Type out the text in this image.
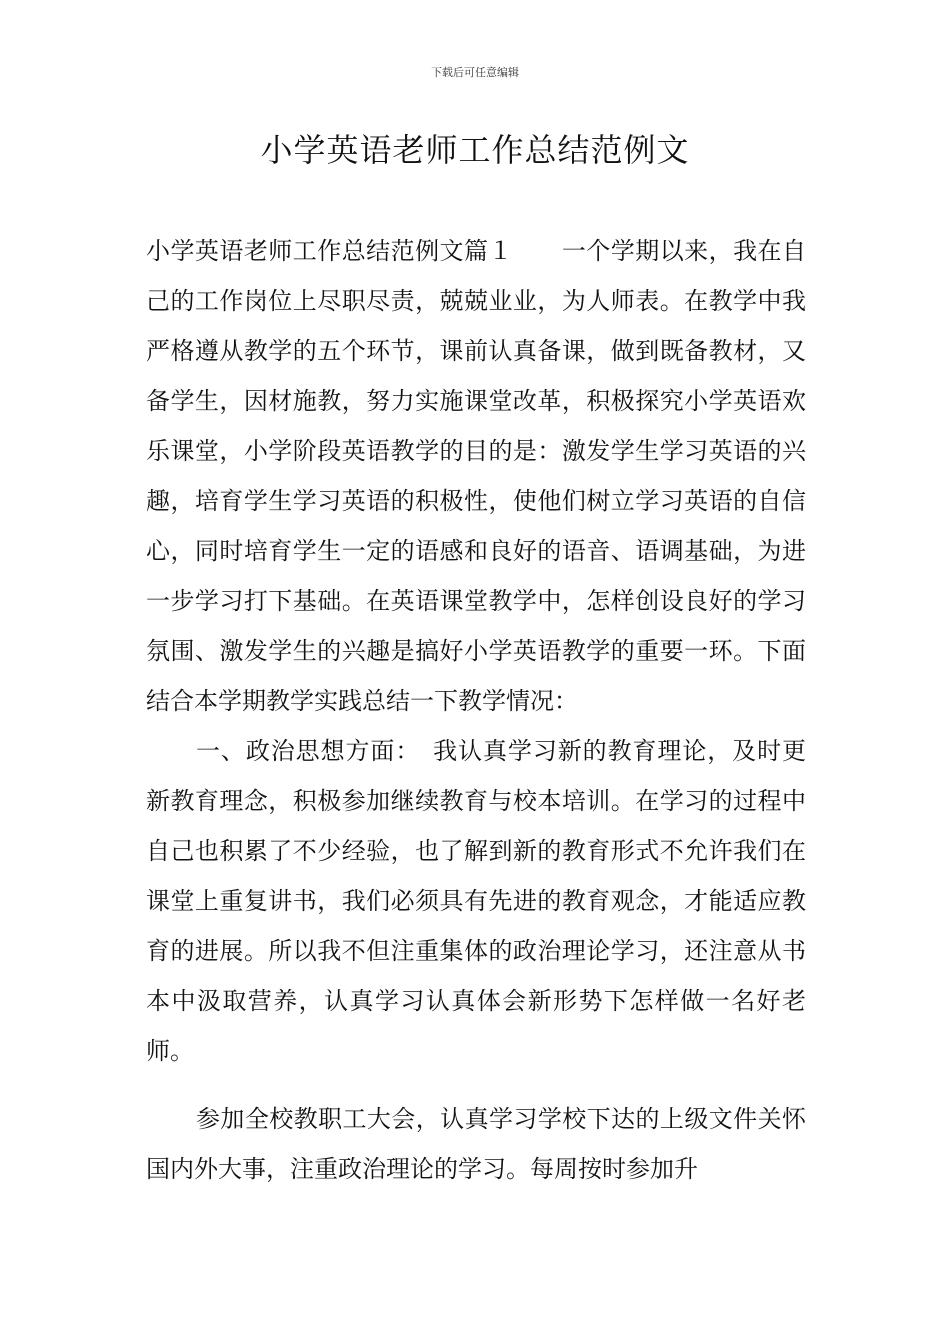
下载后可任意编辑
小学英语老师工作总结范例文

小学英语老师工作总结范例文篇１　　一个学期以来，我在自己的工作岗位上尽职尽责，兢兢业业，为人师表。在教学中我严格遵从教学的五个环节，课前认真备课，做到既备教材，又备学生，因材施教，努力实施课堂改革，积极探究小学英语欢乐课堂，小学阶段英语教学的目的是：激发学生学习英语的兴趣，培育学生学习英语的积极性，使他们树立学习英语的自信心，同时培育学生一定的语感和良好的语音、语调基础，为进一步学习打下基础。在英语课堂教学中，怎样创设良好的学习氛围、激发学生的兴趣是搞好小学英语教学的重要一环。下面结合本学期教学实践总结一下教学情况：

一、政治思想方面：　我认真学习新的教育理论，及时更新教育理念，积极参加继续教育与校本培训。在学习的过程中自己也积累了不少经验，也了解到新的教育形式不允许我们在课堂上重复讲书，我们必须具有先进的教育观念，才能适应教育的进展。所以我不但注重集体的政治理论学习，还注意从书本中汲取营养，认真学习认真体会新形势下怎样做一名好老师。

参加全校教职工大会，认真学习学校下达的上级文件关怀国内外大事，注重政治理论的学习。每周按时参加升
